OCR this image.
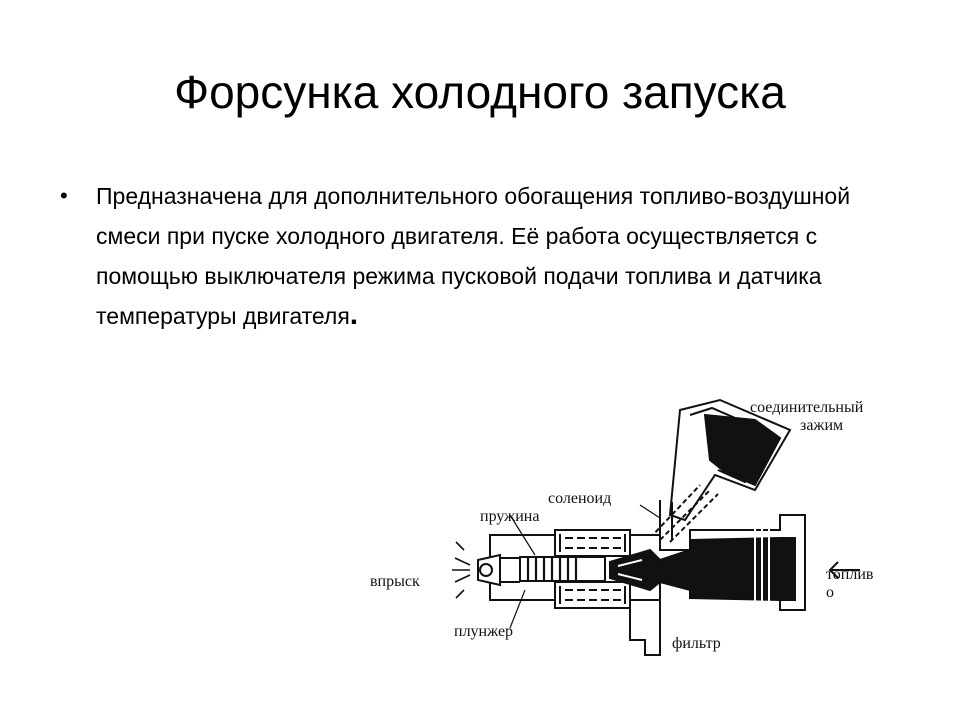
Форсунка холодного запуска
• Предназначена для дополнительного обогащения топливо-воздушной смеси при пуске холодного двигателя. Её работа осуществляется с помощью выключателя режима пусковой подачи топлива и датчика температуры двигателя.
соединительный
зажим
соленоид
пружина
впрыск	топлив
о
плунжер
фильтр
